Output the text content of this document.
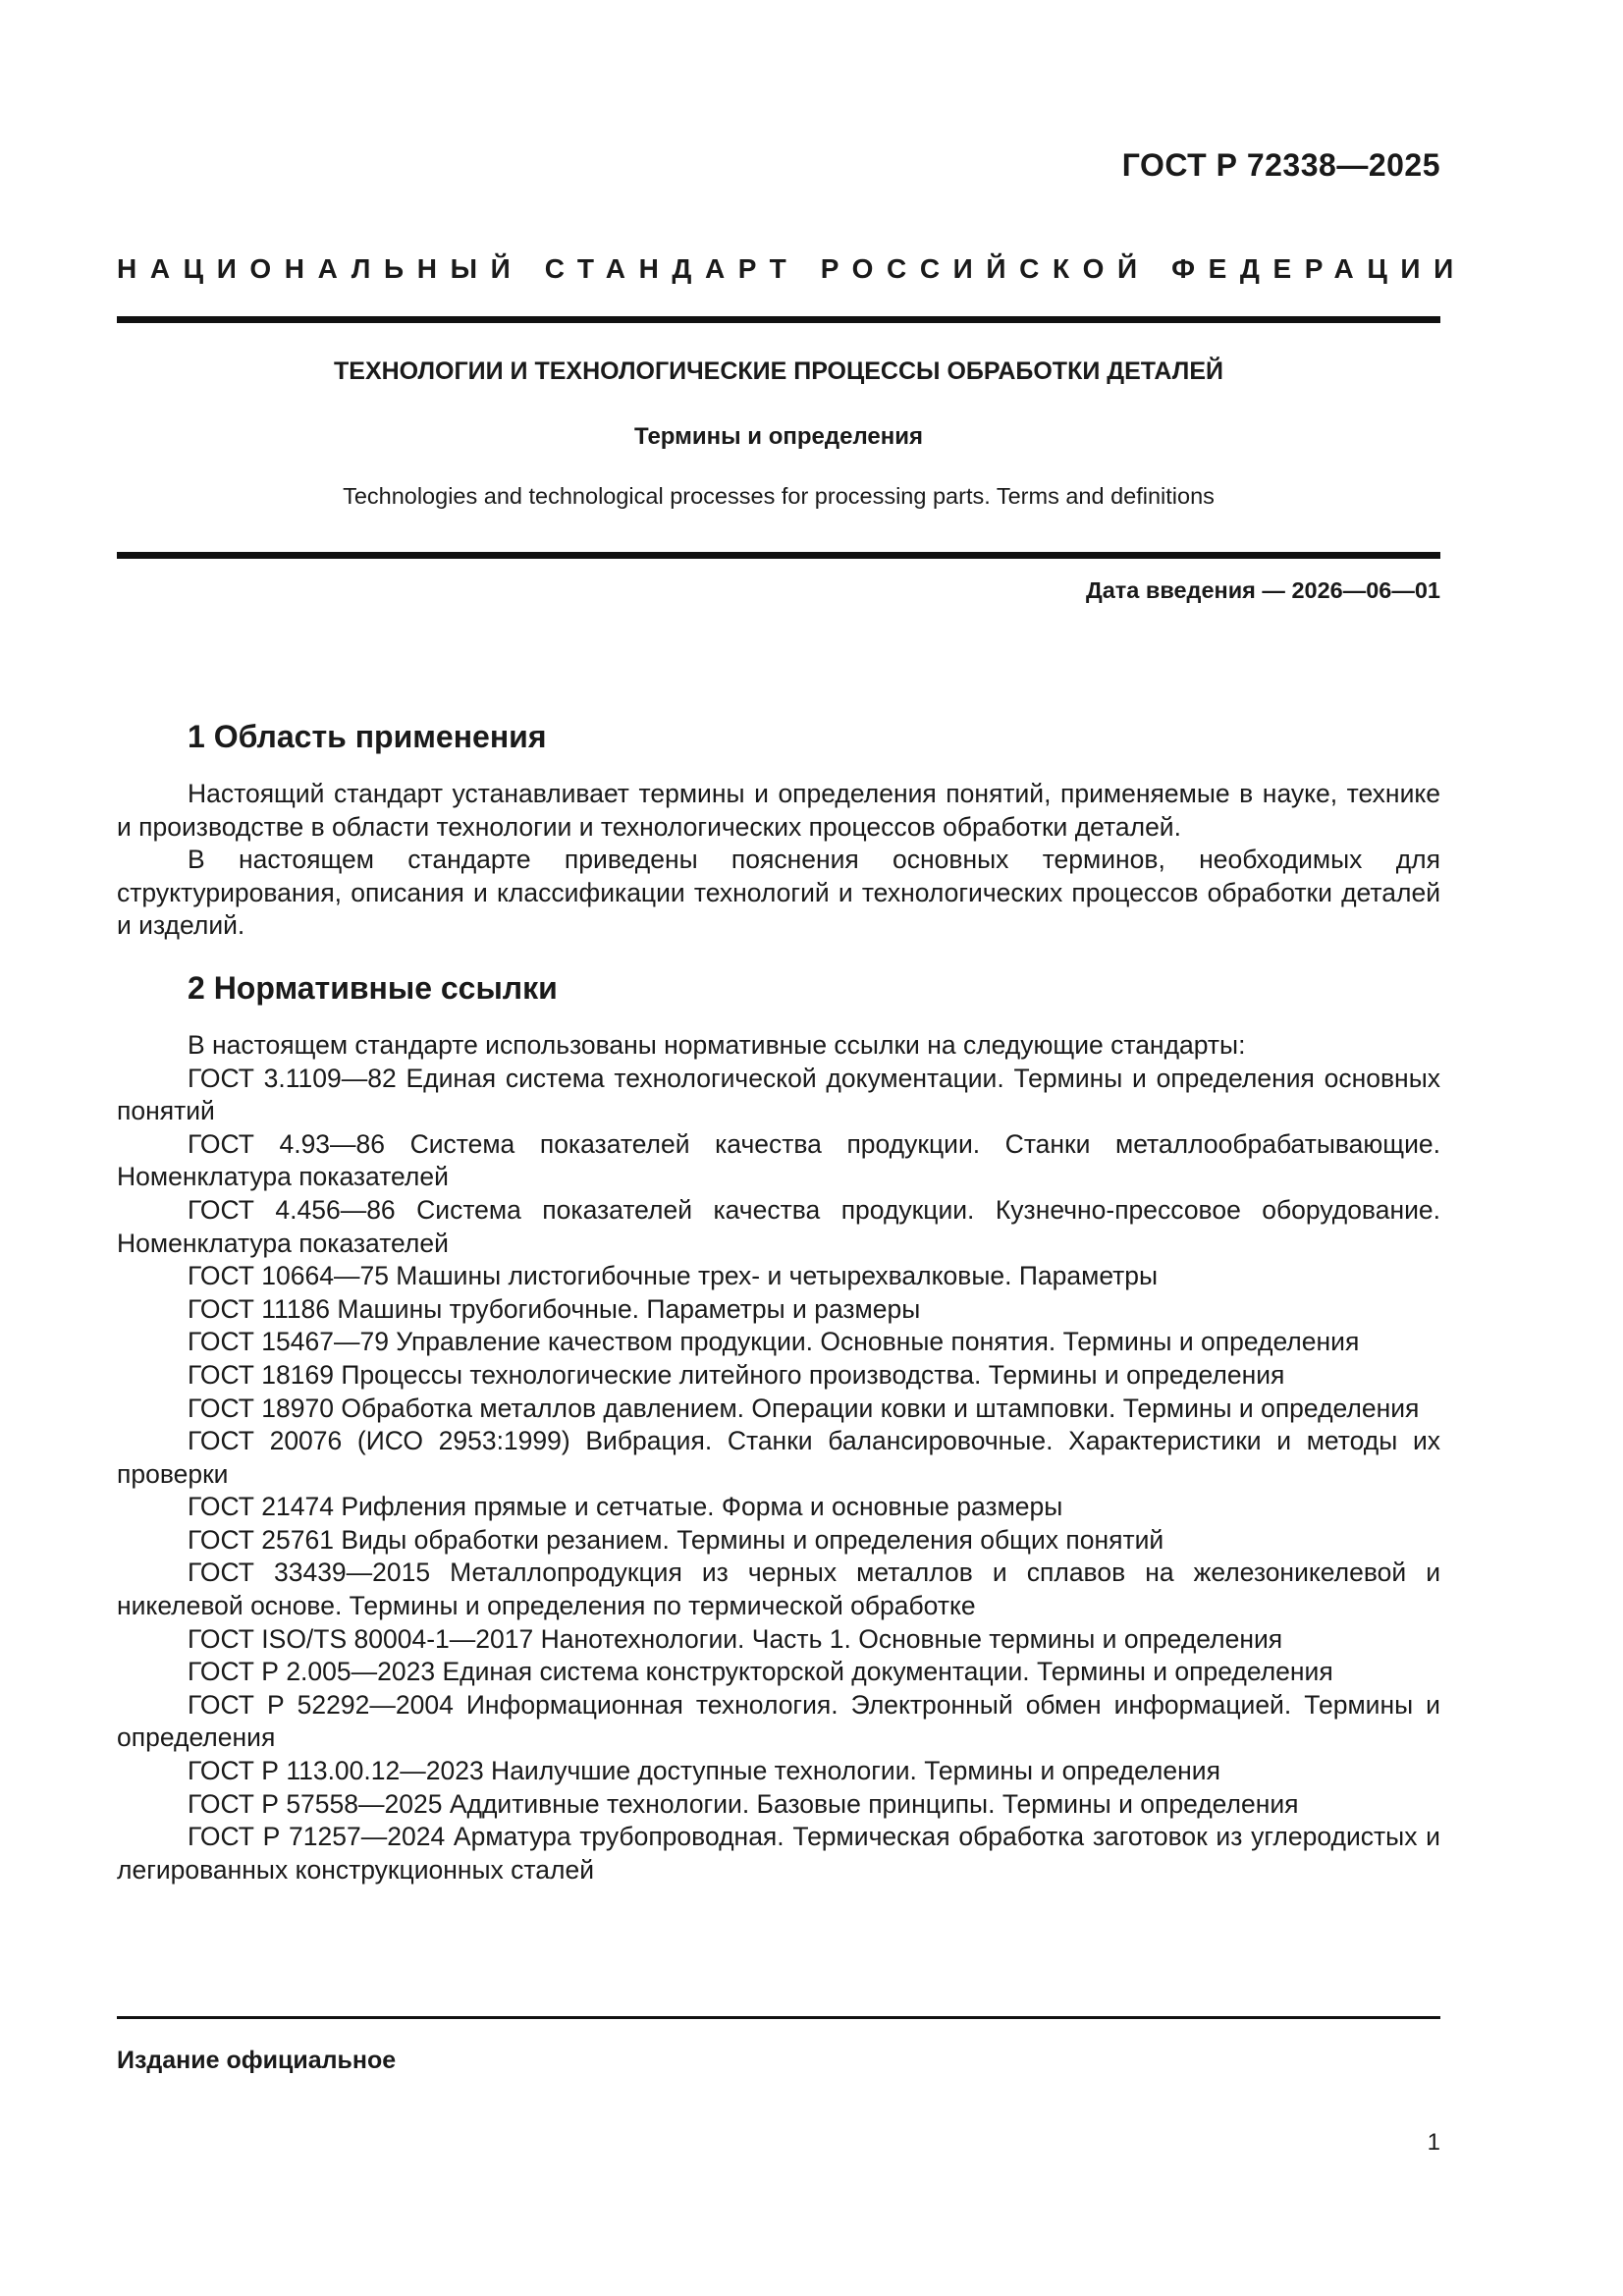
ГОСТ Р 72338—2025
НАЦИОНАЛЬНЫЙ СТАНДАРТ РОССИЙСКОЙ ФЕДЕРАЦИИ
ТЕХНОЛОГИИ И ТЕХНОЛОГИЧЕСКИЕ ПРОЦЕССЫ ОБРАБОТКИ ДЕТАЛЕЙ
Термины и определения
Technologies and technological processes for processing parts. Terms and definitions
Дата введения — 2026—06—01
1 Область применения

Настоящий стандарт устанавливает термины и определения понятий, применяемые в науке, технике и производстве в области технологии и технологических процессов обработки деталей.

В настоящем стандарте приведены пояснения основных терминов, необходимых для структурирования, описания и классификации технологий и технологических процессов обработки деталей и изделий.

2 Нормативные ссылки

В настоящем стандарте использованы нормативные ссылки на следующие стандарты:

ГОСТ 3.1109—82 Единая система технологической документации. Термины и определения основных понятий

ГОСТ 4.93—86 Система показателей качества продукции. Станки металлообрабатывающие. Номенклатура показателей

ГОСТ 4.456—86 Система показателей качества продукции. Кузнечно-прессовое оборудование. Номенклатура показателей

ГОСТ 10664—75 Машины листогибочные трех- и четырехвалковые. Параметры

ГОСТ 11186 Машины трубогибочные. Параметры и размеры

ГОСТ 15467—79 Управление качеством продукции. Основные понятия. Термины и определения

ГОСТ 18169 Процессы технологические литейного производства. Термины и определения

ГОСТ 18970 Обработка металлов давлением. Операции ковки и штамповки. Термины и определения

ГОСТ 20076 (ИСО 2953:1999) Вибрация. Станки балансировочные. Характеристики и методы их проверки

ГОСТ 21474 Рифления прямые и сетчатые. Форма и основные размеры

ГОСТ 25761 Виды обработки резанием. Термины и определения общих понятий

ГОСТ 33439—2015 Металлопродукция из черных металлов и сплавов на железоникелевой и никелевой основе. Термины и определения по термической обработке

ГОСТ ISO/TS 80004-1—2017 Нанотехнологии. Часть 1. Основные термины и определения

ГОСТ Р 2.005—2023 Единая система конструкторской документации. Термины и определения

ГОСТ Р 52292—2004 Информационная технология. Электронный обмен информацией. Термины и определения

ГОСТ Р 113.00.12—2023 Наилучшие доступные технологии. Термины и определения

ГОСТ Р 57558—2025 Аддитивные технологии. Базовые принципы. Термины и определения

ГОСТ Р 71257—2024 Арматура трубопроводная. Термическая обработка заготовок из углеродистых и легированных конструкционных сталей

Издание официальное
1
